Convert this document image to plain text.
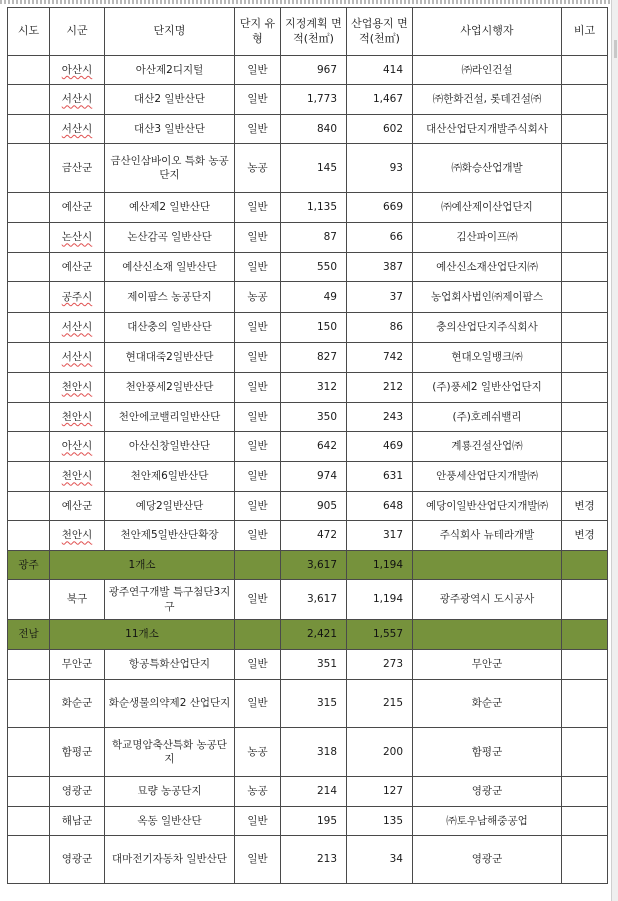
시도	시군	단지명	단지 유형	지정계획 면적(천㎡)	산업용지 면적(천㎡)	사업시행자	비고
	아산시	아산제2디지털	일반	967	414	㈜라인건설	
	서산시	대산2 일반산단	일반	1,773	1,467	㈜한화건설, 롯데건설㈜	
	서산시	대산3 일반산단	일반	840	602	대산산업단지개발주식회사	
	금산군	금산인삼바이오 특화 농공단지	농공	145	93	㈜화승산업개발	
	예산군	예산제2 일반산단	일반	1,135	669	㈜예산제이산업단지	
	논산시	논산감곡 일반산단	일반	87	66	김산파이프㈜	
	예산군	예산신소재 일반산단	일반	550	387	예산신소재산업단지㈜	
	공주시	제이팜스 농공단지	농공	49	37	농업회사법인㈜제이팜스	
	서산시	대산충의 일반산단	일반	150	86	충의산업단지주식회사	
	서산시	현대대죽2일반산단	일반	827	742	현대오일뱅크㈜	
	천안시	천안풍세2일반산단	일반	312	212	(주)풍세2 일반산업단지	
	천안시	천안에코밸리일반산단	일반	350	243	(주)호레쉬밸리	
	아산시	아산신창일반산단	일반	642	469	계룡건설산업㈜	
	천안시	천안제6일반산단	일반	974	631	안풍세산업단지개발㈜	
	예산군	예당2일반산단	일반	905	648	예당이일반산업단지개발㈜	변경
	천안시	천안제5일반산단확장	일반	472	317	주식회사 뉴테라개발	변경
광주	1개소			3,617	1,194		
	북구	광주연구개발 특구첨단3지구	일반	3,617	1,194	광주광역시 도시공사	
전남	11개소			2,421	1,557		
	무안군	항공특화산업단지	일반	351	273	무안군	
	화순군	화순생물의약제2 산업단지	일반	315	215	화순군	
	함평군	학교명암축산특화 농공단지	농공	318	200	함평군	
	영광군	묘량 농공단지	농공	214	127	영광군	
	해남군	옥동 일반산단	일반	195	135	㈜토우남해중공업	
	영광군	대마전기자동차 일반산단	일반	213	34	영광군	
